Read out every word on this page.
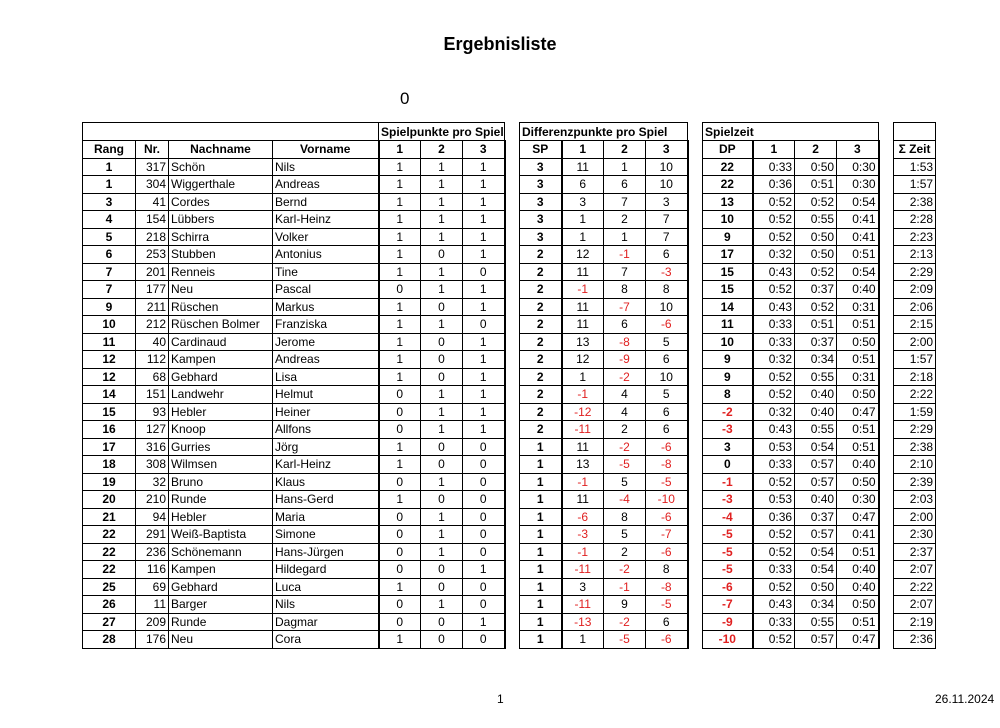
Ergebnisliste
0
				Spielpunkte pro Spiel				Differenzpunkte pro Spiel					Spielzeit					
Rang	Nr.	Nachname	Vorname	1	2	3		SP	1	2	3		DP	1	2	3		Σ Zeit
1	317	Schön	Nils	1	1	1		3	11	1	10		22	0:33	0:50	0:30		1:53
1	304	Wiggerthale	Andreas	1	1	1		3	6	6	10		22	0:36	0:51	0:30		1:57
3	41	Cordes	Bernd	1	1	1		3	3	7	3		13	0:52	0:52	0:54		2:38
4	154	Lübbers	Karl-Heinz	1	1	1		3	1	2	7		10	0:52	0:55	0:41		2:28
5	218	Schirra	Volker	1	1	1		3	1	1	7		9	0:52	0:50	0:41		2:23
6	253	Stubben	Antonius	1	0	1		2	12	-1	6		17	0:32	0:50	0:51		2:13
7	201	Renneis	Tine	1	1	0		2	11	7	-3		15	0:43	0:52	0:54		2:29
7	177	Neu	Pascal	0	1	1		2	-1	8	8		15	0:52	0:37	0:40		2:09
9	211	Rüschen	Markus	1	0	1		2	11	-7	10		14	0:43	0:52	0:31		2:06
10	212	Rüschen Bolmer	Franziska	1	1	0		2	11	6	-6		11	0:33	0:51	0:51		2:15
11	40	Cardinaud	Jerome	1	0	1		2	13	-8	5		10	0:33	0:37	0:50		2:00
12	112	Kampen	Andreas	1	0	1		2	12	-9	6		9	0:32	0:34	0:51		1:57
12	68	Gebhard	Lisa	1	0	1		2	1	-2	10		9	0:52	0:55	0:31		2:18
14	151	Landwehr	Helmut	0	1	1		2	-1	4	5		8	0:52	0:40	0:50		2:22
15	93	Hebler	Heiner	0	1	1		2	-12	4	6		-2	0:32	0:40	0:47		1:59
16	127	Knoop	Allfons	0	1	1		2	-11	2	6		-3	0:43	0:55	0:51		2:29
17	316	Gurries	Jörg	1	0	0		1	11	-2	-6		3	0:53	0:54	0:51		2:38
18	308	Wilmsen	Karl-Heinz	1	0	0		1	13	-5	-8		0	0:33	0:57	0:40		2:10
19	32	Bruno	Klaus	0	1	0		1	-1	5	-5		-1	0:52	0:57	0:50		2:39
20	210	Runde	Hans-Gerd	1	0	0		1	11	-4	-10		-3	0:53	0:40	0:30		2:03
21	94	Hebler	Maria	0	1	0		1	-6	8	-6		-4	0:36	0:37	0:47		2:00
22	291	Weiß-Baptista	Simone	0	1	0		1	-3	5	-7		-5	0:52	0:57	0:41		2:30
22	236	Schönemann	Hans-Jürgen	0	1	0		1	-1	2	-6		-5	0:52	0:54	0:51		2:37
22	116	Kampen	Hildegard	0	0	1		1	-11	-2	8		-5	0:33	0:54	0:40		2:07
25	69	Gebhard	Luca	1	0	0		1	3	-1	-8		-6	0:52	0:50	0:40		2:22
26	11	Barger	Nils	0	1	0		1	-11	9	-5		-7	0:43	0:34	0:50		2:07
27	209	Runde	Dagmar	0	0	1		1	-13	-2	6		-9	0:33	0:55	0:51		2:19
28	176	Neu	Cora	1	0	0		1	1	-5	-6		-10	0:52	0:57	0:47		2:36
1	26.11.2024
